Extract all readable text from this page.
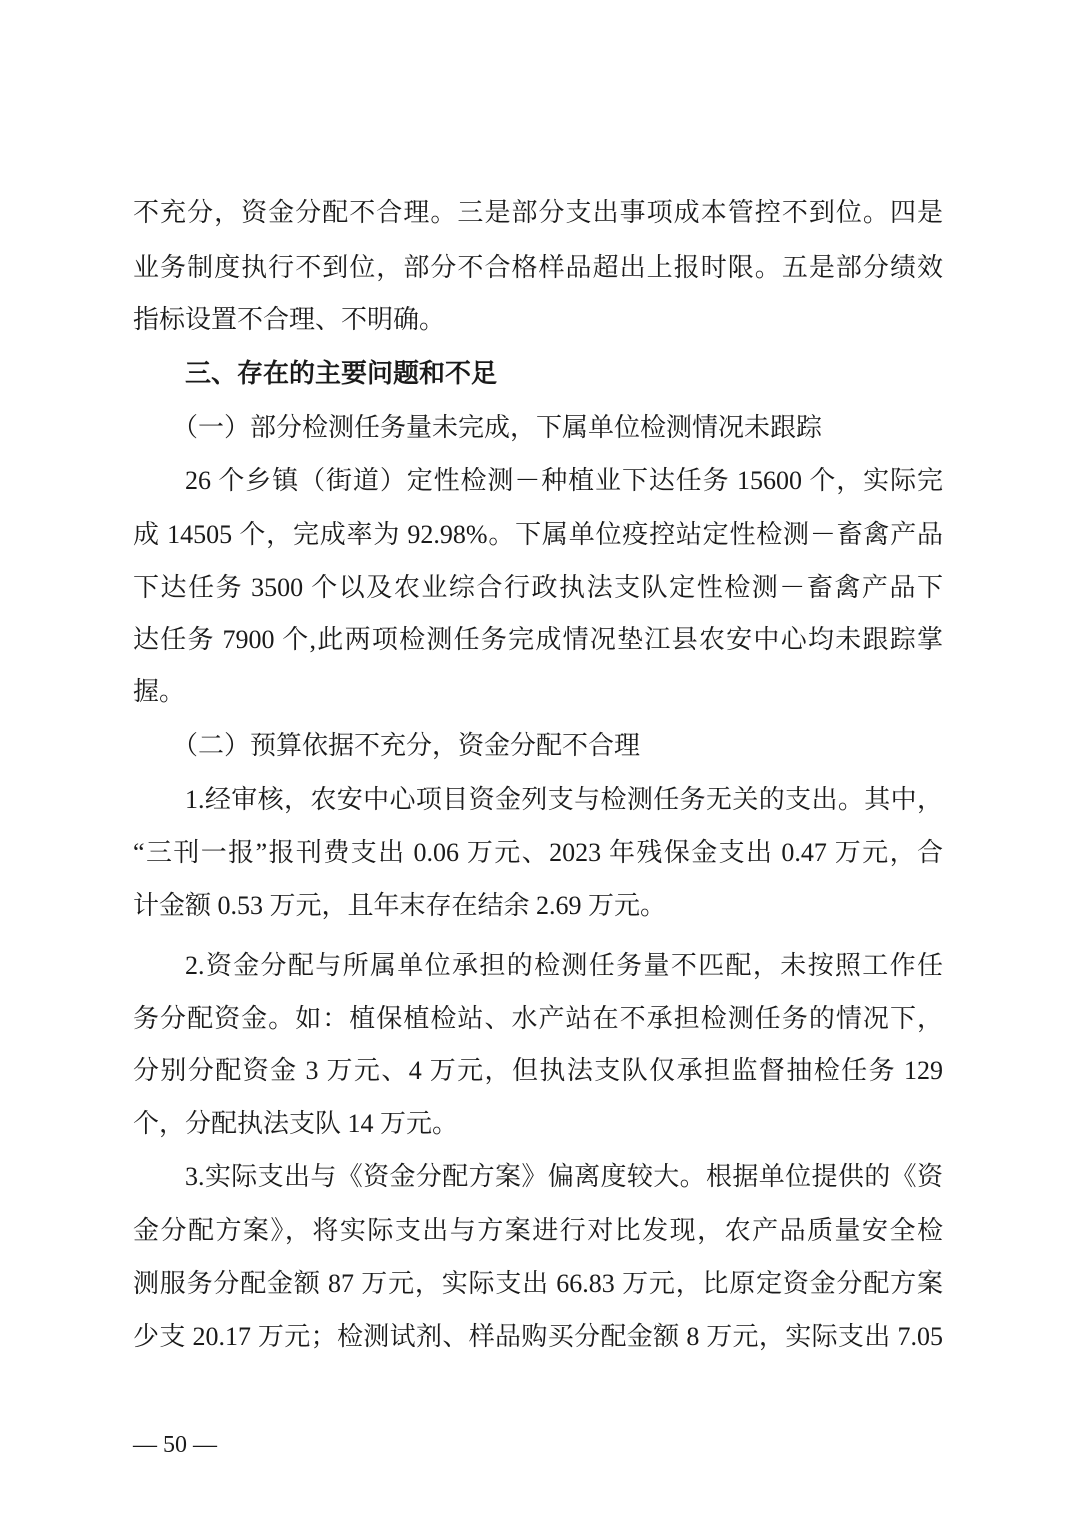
不充分，资金分配不合理。三是部分支出事项成本管控不到位。四是
业务制度执行不到位，部分不合格样品超出上报时限。五是部分绩效
指标设置不合理、不明确。
三、存在的主要问题和不足
（一）部分检测任务量未完成，下属单位检测情况未跟踪
26 个乡镇（街道）定性检测－种植业下达任务 15600 个，实际完
成 14505 个，完成率为 92.98%。下属单位疫控站定性检测－畜禽产品
下达任务 3500 个以及农业综合行政执法支队定性检测－畜禽产品下
达任务 7900 个,此两项检测任务完成情况垫江县农安中心均未跟踪掌
握。
（二）预算依据不充分，资金分配不合理
1.经审核，农安中心项目资金列支与检测任务无关的支出。其中，
“三刊一报”报刊费支出 0.06 万元、2023 年残保金支出 0.47 万元，合
计金额 0.53 万元，且年末存在结余 2.69 万元。
2.资金分配与所属单位承担的检测任务量不匹配，未按照工作任
务分配资金。如：植保植检站、水产站在不承担检测任务的情况下，
分别分配资金 3 万元、4 万元，但执法支队仅承担监督抽检任务 129
个，分配执法支队 14 万元。
3.实际支出与《资金分配方案》偏离度较大。根据单位提供的《资
金分配方案》，将实际支出与方案进行对比发现，农产品质量安全检
测服务分配金额 87 万元，实际支出 66.83 万元，比原定资金分配方案
少支 20.17 万元；检测试剂、样品购买分配金额 8 万元，实际支出 7.05
— 50 —
